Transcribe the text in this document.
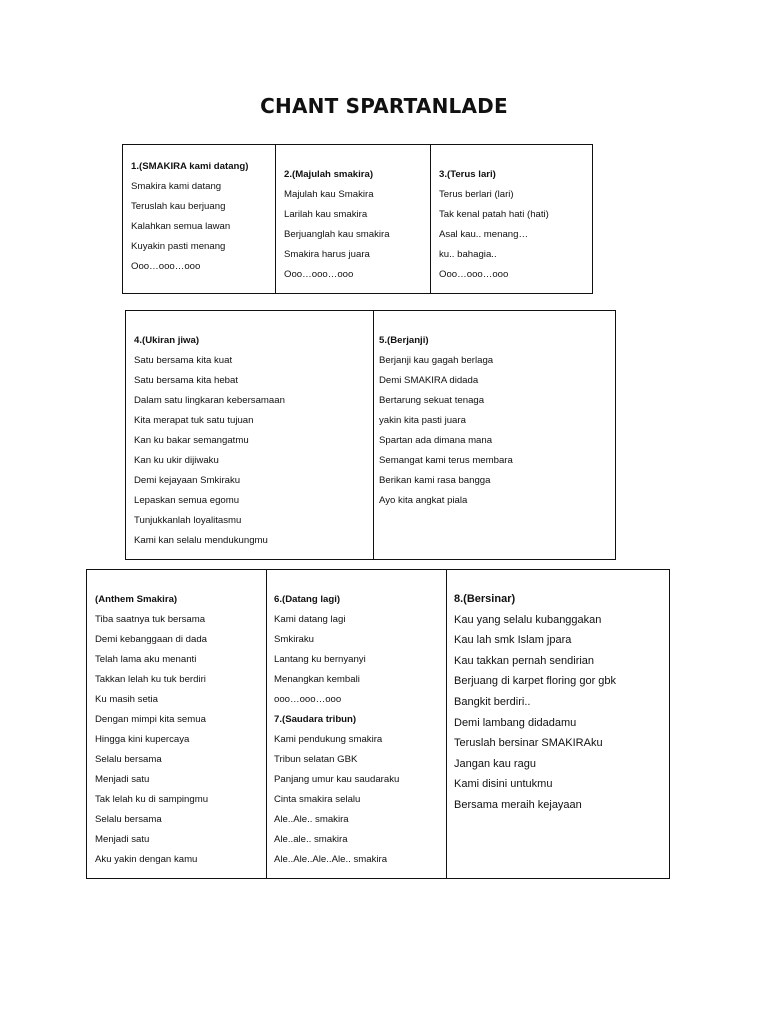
CHANT SPARTANLADE
1.(SMAKIRA kami datang)
Smakira kami datang
Teruslah kau berjuang
Kalahkan semua lawan
Kuyakin pasti menang
Ooo…ooo…ooo
2.(Majulah smakira)
Majulah kau Smakira
Larilah kau smakira
Berjuanglah kau smakira
Smakira harus juara
Ooo…ooo…ooo
3.(Terus lari)
Terus berlari (lari)
Tak kenal patah hati (hati)
Asal kau.. menang…
ku.. bahagia..
Ooo…ooo…ooo
4.(Ukiran jiwa)
Satu bersama kita kuat
Satu bersama kita hebat
Dalam satu lingkaran kebersamaan
Kita merapat tuk satu tujuan
Kan ku bakar semangatmu
Kan ku ukir dijiwaku
Demi kejayaan Smkiraku
Lepaskan semua egomu
Tunjukkanlah loyalitasmu
Kami kan selalu mendukungmu
5.(Berjanji)
Berjanji kau gagah berlaga
Demi SMAKIRA didada
Bertarung sekuat tenaga
yakin kita pasti juara
Spartan ada dimana mana
Semangat kami terus membara
Berikan kami rasa bangga
Ayo kita angkat piala
(Anthem Smakira)
Tiba saatnya tuk bersama
Demi kebanggaan di dada
Telah lama aku menanti
Takkan lelah ku tuk berdiri
Ku masih setia
Dengan mimpi kita semua
Hingga kini kupercaya
Selalu bersama
Menjadi satu
Tak lelah ku di sampingmu
Selalu bersama
Menjadi satu
Aku yakin dengan kamu
6.(Datang lagi)
Kami datang lagi
Smkiraku
Lantang ku bernyanyi
Menangkan kembali
ooo…ooo…ooo
7.(Saudara tribun)
Kami pendukung smakira
Tribun selatan GBK
Panjang umur kau saudaraku
Cinta smakira selalu
Ale..Ale.. smakira
Ale..ale.. smakira
Ale..Ale..Ale..Ale.. smakira
8.(Bersinar)
Kau yang selalu kubanggakan
Kau lah smk Islam jpara
Kau takkan pernah sendirian
Berjuang di karpet floring gor gbk
Bangkit berdiri..
Demi lambang didadamu
Teruslah bersinar SMAKIRAku
Jangan kau ragu
Kami disini untukmu
Bersama meraih kejayaan
